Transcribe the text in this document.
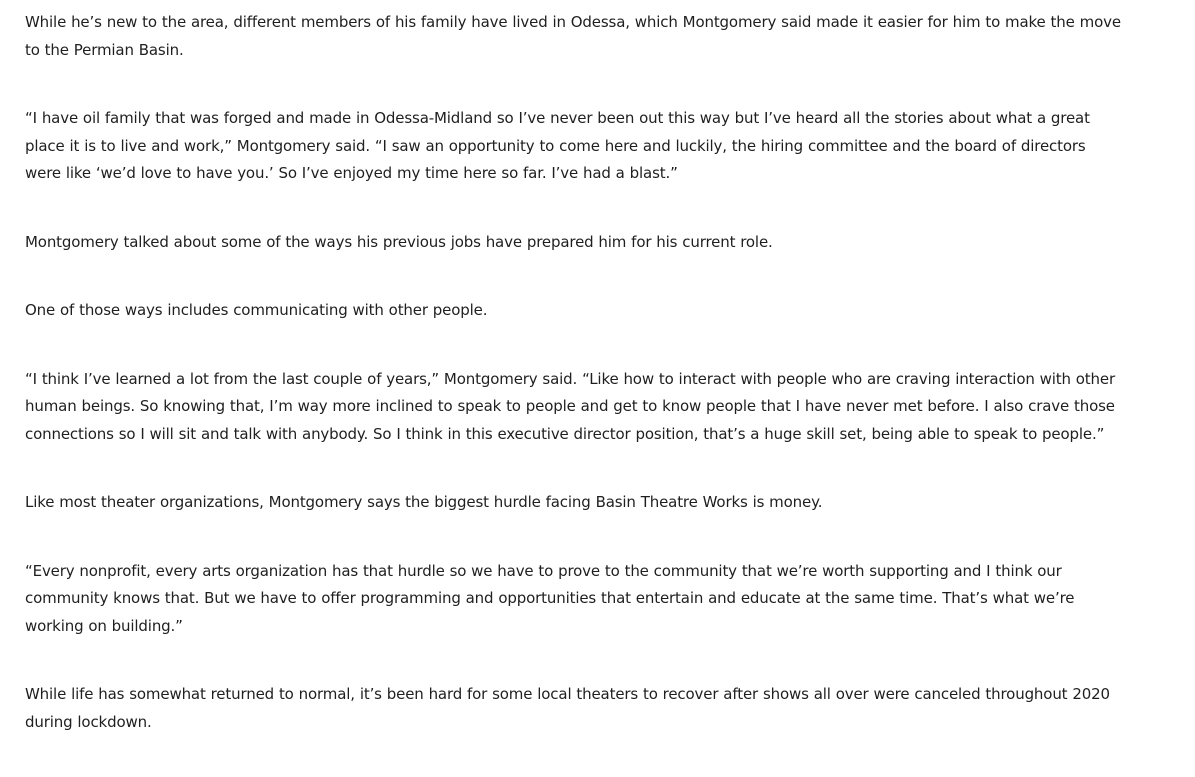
While he’s new to the area, different members of his family have lived in Odessa, which Montgomery said made it easier for him to make the move to the Permian Basin.

“I have oil family that was forged and made in Odessa-Midland so I’ve never been out this way but I’ve heard all the stories about what a great place it is to live and work,” Montgomery said. “I saw an opportunity to come here and luckily, the hiring committee and the board of directors were like ‘we’d love to have you.’ So I’ve enjoyed my time here so far. I’ve had a blast.”

Montgomery talked about some of the ways his previous jobs have prepared him for his current role.

One of those ways includes communicating with other people.

“I think I’ve learned a lot from the last couple of years,” Montgomery said. “Like how to interact with people who are craving interaction with other human beings. So knowing that, I’m way more inclined to speak to people and get to know people that I have never met before. I also crave those connections so I will sit and talk with anybody. So I think in this executive director position, that’s a huge skill set, being able to speak to people.”

Like most theater organizations, Montgomery says the biggest hurdle facing Basin Theatre Works is money.

“Every nonprofit, every arts organization has that hurdle so we have to prove to the community that we’re worth supporting and I think our community knows that. But we have to offer programming and opportunities that entertain and educate at the same time. That’s what we’re working on building.”

While life has somewhat returned to normal, it’s been hard for some local theaters to recover after shows all over were canceled throughout 2020 during lockdown.
